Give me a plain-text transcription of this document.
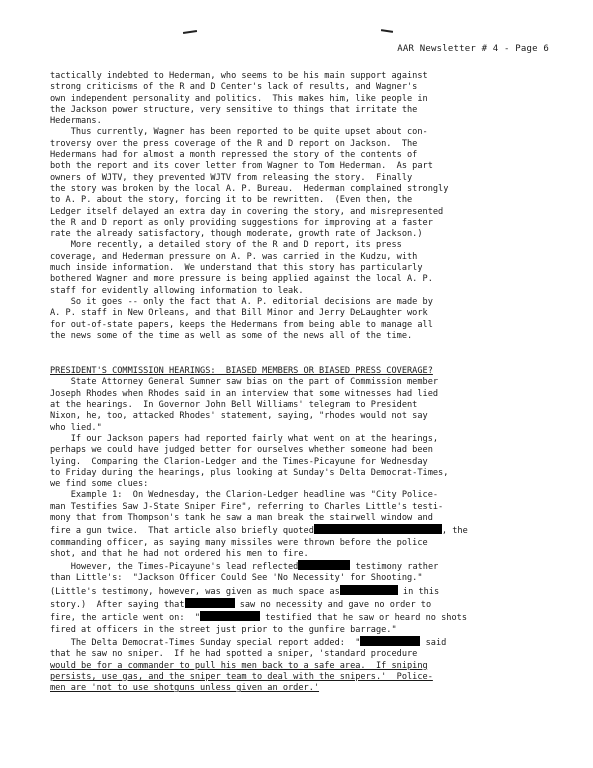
AAR Newsletter # 4 - Page 6
tactically indebted to Hederman, who seems to be his main support against
strong criticisms of the R and D Center's lack of results, and Wagner's
own independent personality and politics.  This makes him, like people in
the Jackson power structure, very sensitive to things that irritate the
Hedermans.
Thus currently, Wagner has been reported to be quite upset about con-
troversy over the press coverage of the R and D report on Jackson.  The
Hedermans had for almost a month repressed the story of the contents of
both the report and its cover letter from Wagner to Tom Hederman.  As part
owners of WJTV, they prevented WJTV from releasing the story.  Finally
the story was broken by the local A. P. Bureau.  Hederman complained strongly
to A. P. about the story, forcing it to be rewritten.  (Even then, the
Ledger itself delayed an extra day in covering the story, and misrepresented
the R and D report as only providing suggestions for improving at a faster
rate the already satisfactory, though moderate, growth rate of Jackson.)
More recently, a detailed story of the R and D report, its press
coverage, and Hederman pressure on A. P. was carried in the Kudzu, with
much inside information.  We understand that this story has particularly
bothered Wagner and more pressure is being applied against the local A. P.
staff for evidently allowing information to leak.
So it goes -- only the fact that A. P. editorial decisions are made by
A. P. staff in New Orleans, and that Bill Minor and Jerry DeLaughter work
for out-of-state papers, keeps the Hedermans from being able to manage all
the news some of the time as well as some of the news all of the time.
PRESIDENT'S COMMISSION HEARINGS:  BIASED MEMBERS OR BIASED PRESS COVERAGE?
State Attorney General Sumner saw bias on the part of Commission member
Joseph Rhodes when Rhodes said in an interview that some witnesses had lied
at the hearings.  In Governor John Bell Williams' telegram to President
Nixon, he, too, attacked Rhodes' statement, saying, "rhodes would not say
who lied."
If our Jackson papers had reported fairly what went on at the hearings,
perhaps we could have judged better for ourselves whether someone had been
lying.  Comparing the Clarion-Ledger and the Times-Picayune for Wednesday
to Friday during the hearings, plus looking at Sunday's Delta Democrat-Times,
we find some clues:
Example 1:  On Wednesday, the Clarion-Ledger headline was "City Police-
man Testifies Saw J-State Sniper Fire", referring to Charles Little's testi-
mony that from Thompson's tank he saw a man break the stairwell window and
fire a gun twice.  That article also briefly quoted	, the
commanding officer, as saying many missiles were thrown before the police
shot, and that he had not ordered his men to fire.
However, the Times-Picayune's lead reflected	testimony rather
than Little's:  "Jackson Officer Could See 'No Necessity' for Shooting."
(Little's testimony, however, was given as much space as	in this
story.)  After saying that	saw no necessity and gave no order to
fire, the article went on:  "	testified that he saw or heard no shots
fired at officers in the street just prior to the gunfire barrage."
The Delta Democrat-Times Sunday special report added:  "	said
that he saw no sniper.  If he had spotted a sniper, 'standard procedure
would be for a commander to pull his men back to a safe area.  If sniping
persists, use gas, and the sniper team to deal with the snipers.'  Police-
men are 'not to use shotguns unless given an order.'
